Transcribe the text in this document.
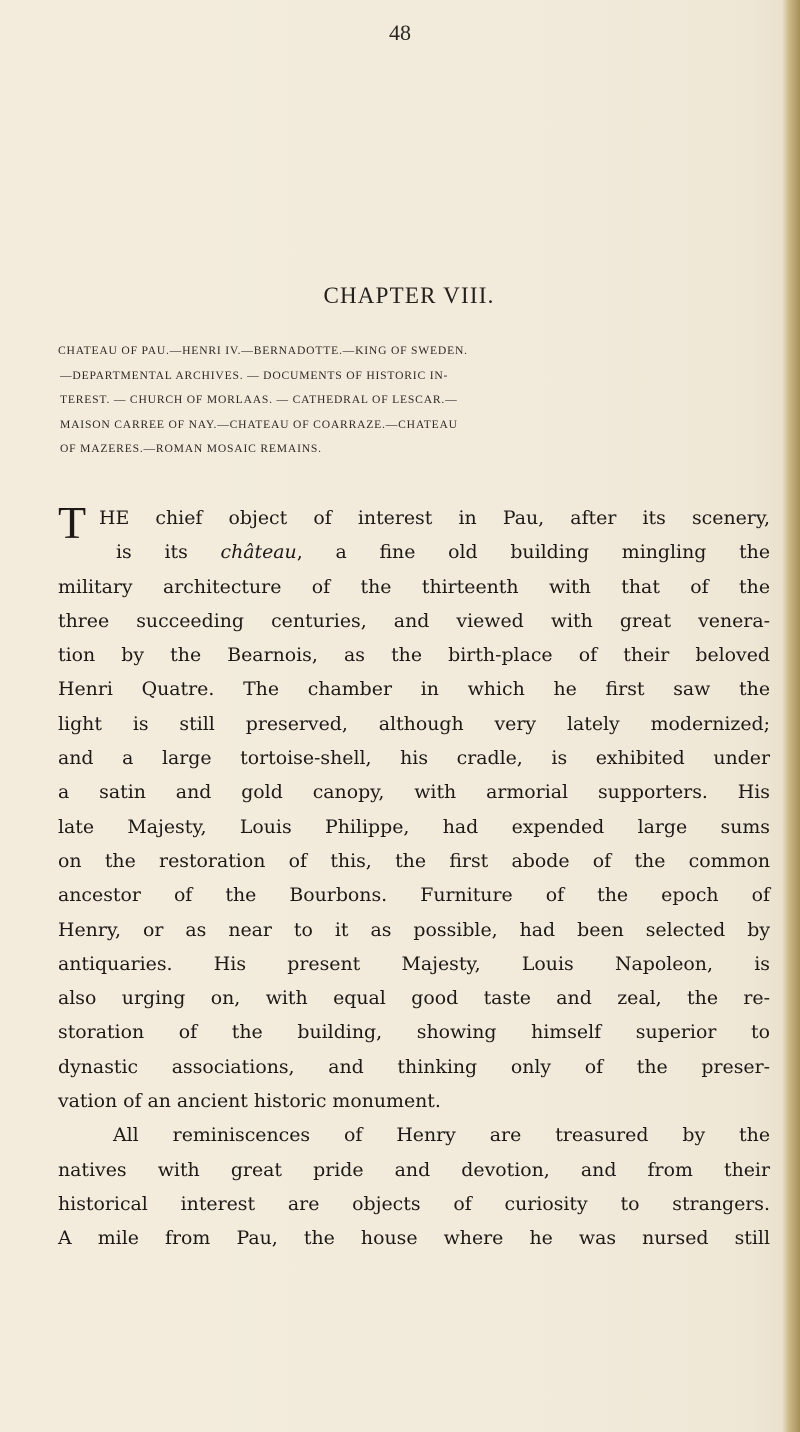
48
CHAPTER VIII.
CHATEAU OF PAU.—HENRI IV.—BERNADOTTE.—KING OF SWEDEN.
—DEPARTMENTAL ARCHIVES. — DOCUMENTS OF HISTORIC IN-
TEREST. — CHURCH OF MORLAAS. — CATHEDRAL OF LESCAR.—
MAISON CARREE OF NAY.—CHATEAU OF COARRAZE.—CHATEAU
OF MAZERES.—ROMAN MOSAIC REMAINS.
T HE chief object of interest in Pau, after its scenery,
is its château, a fine old building mingling the
military architecture of the thirteenth with that of the
three succeeding centuries, and viewed with great venera-
tion by the Bearnois, as the birth-place of their beloved
Henri Quatre. The chamber in which he first saw the
light is still preserved, although very lately modernized;
and a large tortoise-shell, his cradle, is exhibited under
a satin and gold canopy, with armorial supporters. His
late Majesty, Louis Philippe, had expended large sums
on the restoration of this, the first abode of the common
ancestor of the Bourbons. Furniture of the epoch of
Henry, or as near to it as possible, had been selected by
antiquaries. His present Majesty, Louis Napoleon, is
also urging on, with equal good taste and zeal, the re-
storation of the building, showing himself superior to
dynastic associations, and thinking only of the preser-
vation of an ancient historic monument.
All reminiscences of Henry are treasured by the
natives with great pride and devotion, and from their
historical interest are objects of curiosity to strangers.
A mile from Pau, the house where he was nursed still
